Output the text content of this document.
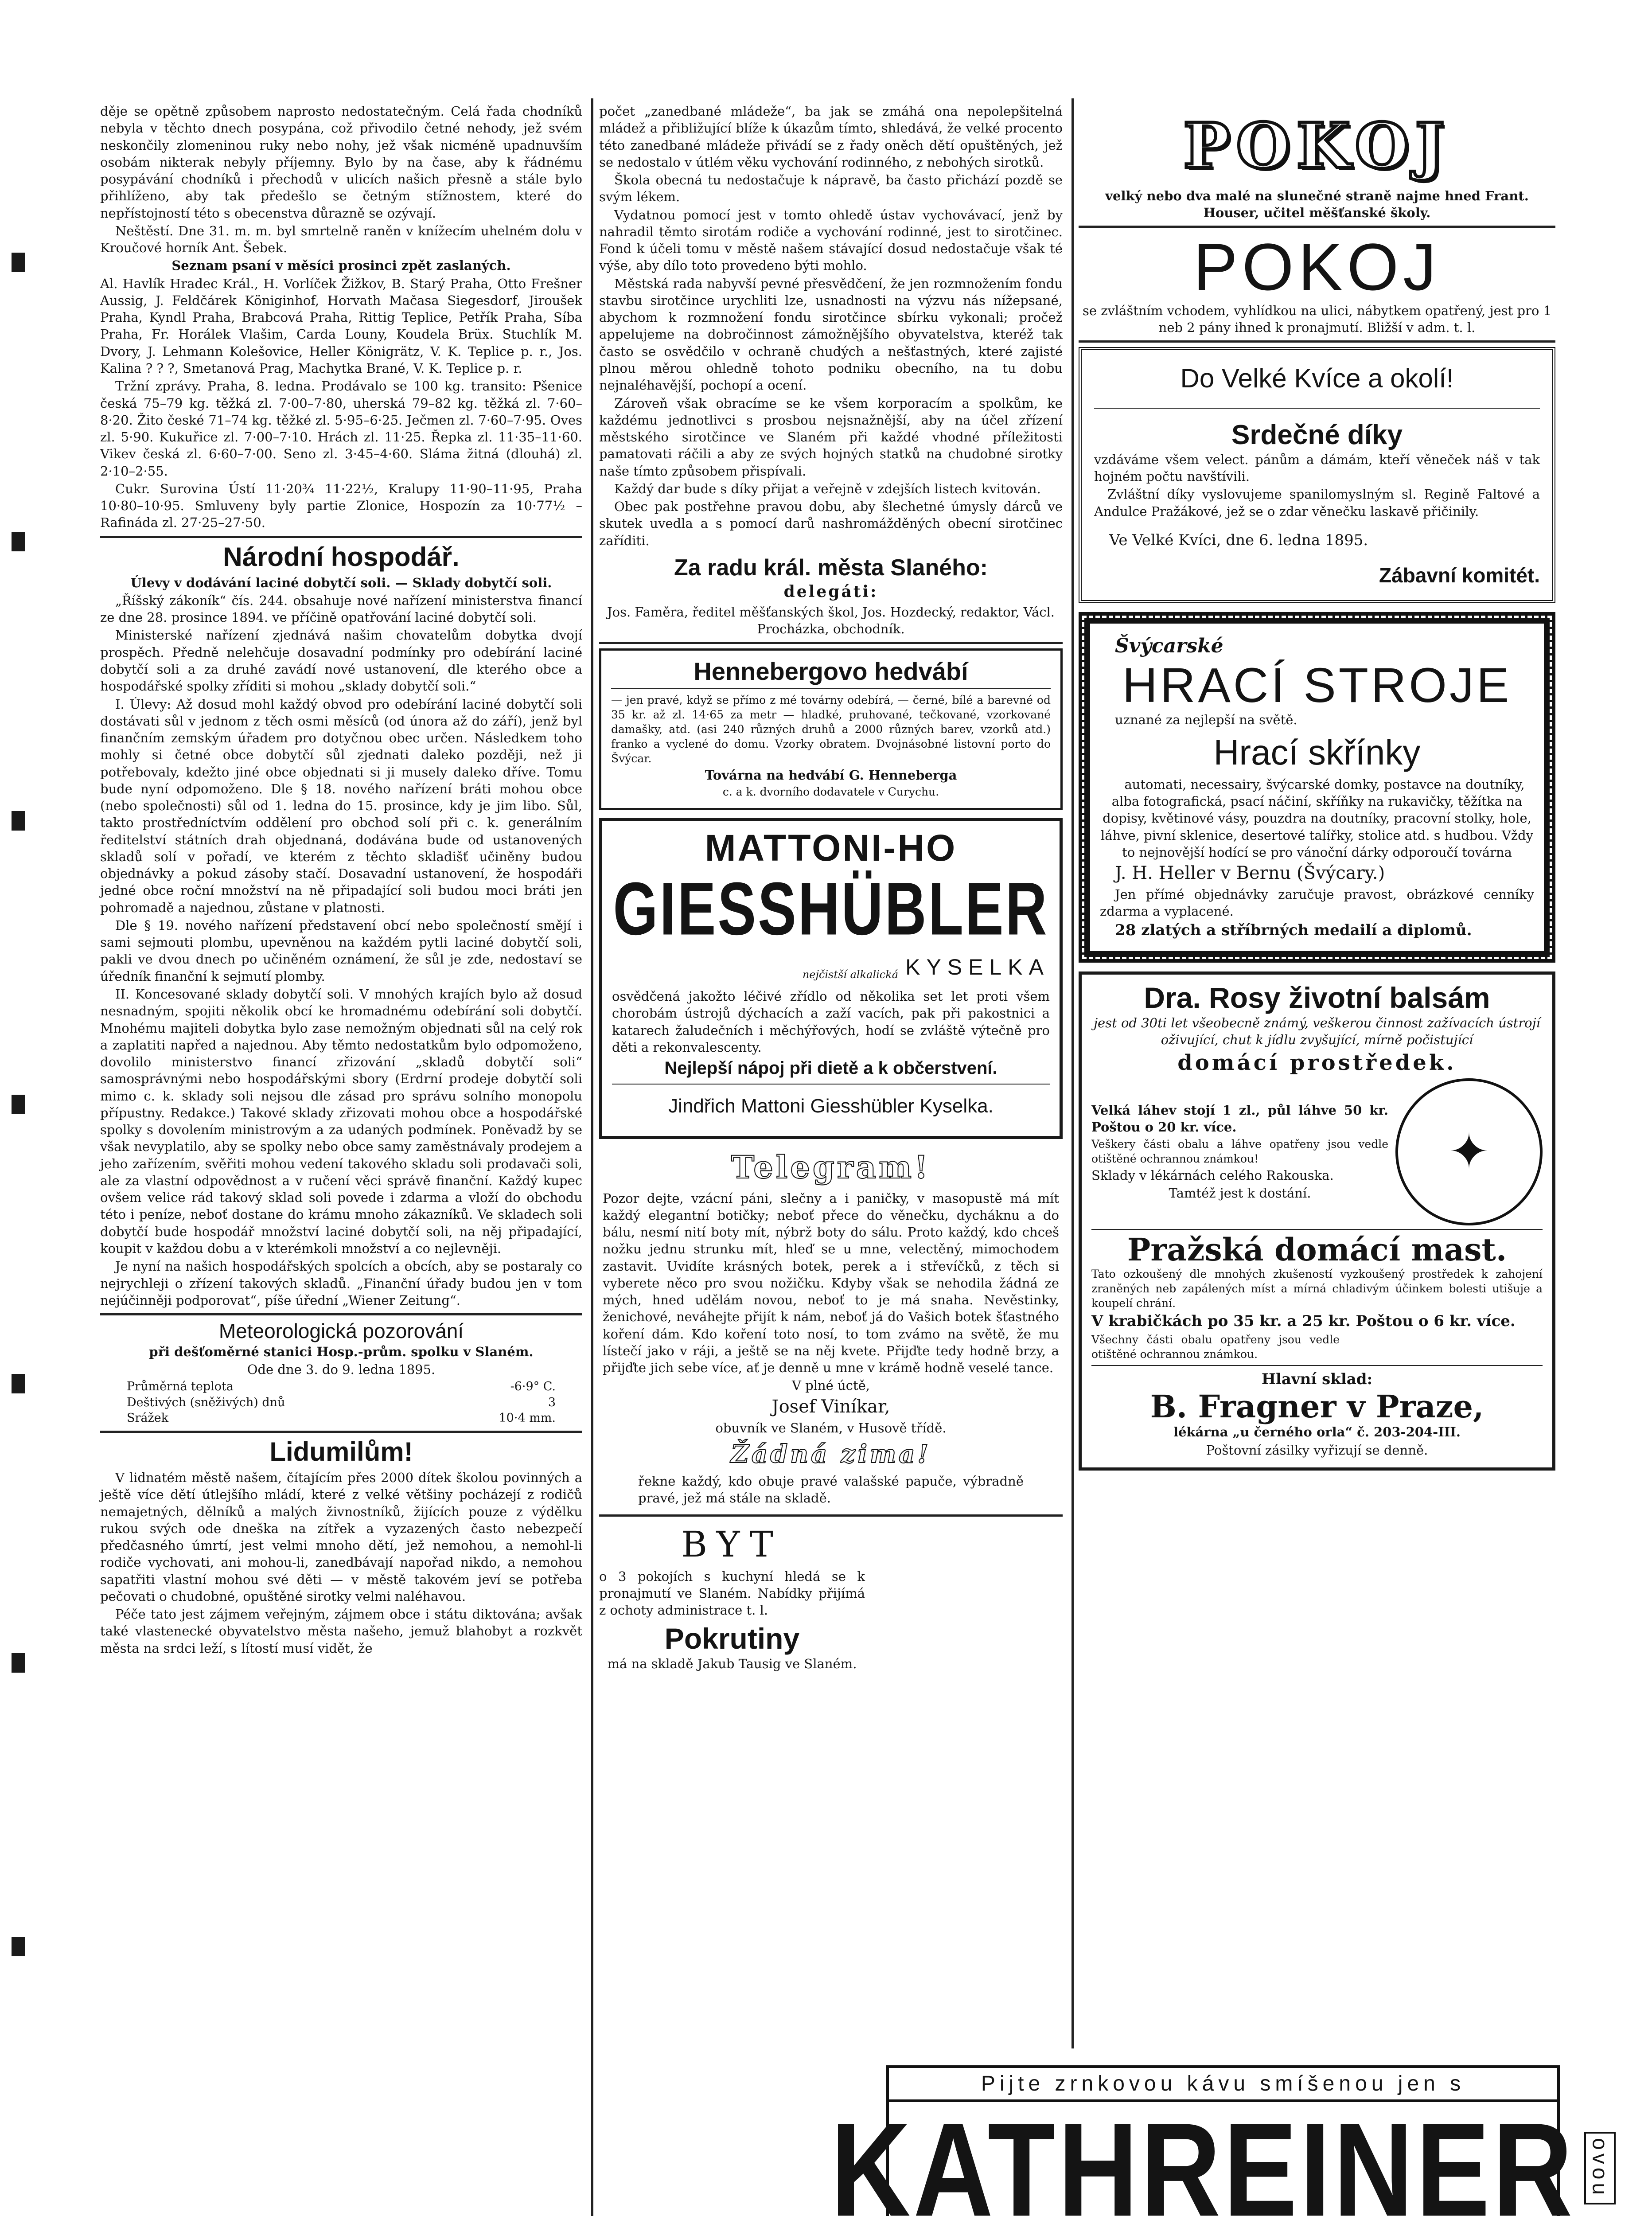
děje se opětně způsobem naprosto nedostatečným. Celá řada chodníků nebyla v těchto dnech posypána, což přivodilo četné nehody, jež svém neskončily zlomeninou ruky nebo nohy, jež však nicméně upadnuvším osobám nikterak nebyly příjemny. Bylo by na čase, aby k řádnému posypávání chodníků i přechodů v ulicích našich přesně a stále bylo přihlíženo, aby tak předešlo se četným stížnostem, které do nepřístojností této s obecenstva důrazně se ozývají.

Neštěstí. Dne 31. m. m. byl smrtelně raněn v knížecím uhelném dolu v Kroučové horník Ant. Šebek.

Seznam psaní v měsíci prosinci zpět zaslaných.

Al. Havlík Hradec Král., H. Vorlíček Žižkov, B. Starý Praha, Otto Frešner Aussig, J. Feldčárek Königinhof, Horvath Mačasa Siegesdorf, Jiroušek Praha, Kyndl Praha, Brabcová Praha, Rittig Teplice, Petřík Praha, Síba Praha, Fr. Horálek Vlašim, Carda Louny, Koudela Brüx. Stuchlík M. Dvory, J. Lehmann Kolešovice, Heller Königrätz, V. K. Teplice p. r., Jos. Kalina ? ? ?, Smetanová Prag, Machytka Brané, V. K. Teplice p. r.

Tržní zprávy. Praha, 8. ledna. Prodávalo se 100 kg. transito: Pšenice česká 75–79 kg. těžká zl. 7·00–7·80, uherská 79–82 kg. těžká zl. 7·60–8·20. Žito české 71–74 kg. těžké zl. 5·95–6·25. Ječmen zl. 7·60–7·95. Oves zl. 5·90. Kukuřice zl. 7·00–7·10. Hrách zl. 11·25. Řepka zl. 11·35–11·60. Vikev česká zl. 6·60–7·00. Seno zl. 3·45–4·60. Sláma žitná (dlouhá) zl. 2·10–2·55.

Cukr. Surovina Ústí 11·20¾ 11·22½, Kralupy 11·90–11·95, Praha 10·80–10·95. Smluveny byly partie Zlonice, Hospozín za 10·77½ – Rafináda zl. 27·25–27·50.

Národní hospodář.

Úlevy v dodávání laciné dobytčí soli. — Sklady dobytčí soli.

„Říšský zákoník“ čís. 244. obsahuje nové nařízení ministerstva financí ze dne 28. prosince 1894. ve příčině opatřování laciné dobytčí soli.

Ministerské nařízení zjednává našim chovatelům dobytka dvojí prospěch. Předně nelehčuje dosavadní podmínky pro odebírání laciné dobytčí soli a za druhé zavádí nové ustanovení, dle kterého obce a hospodářské spolky zříditi si mohou „sklady dobytčí soli.“

I. Úlevy: Až dosud mohl každý obvod pro odebírání laciné dobytčí soli dostávati sůl v jednom z těch osmi měsíců (od února až do září), jenž byl finančním zemským úřadem pro dotyčnou obec určen. Následkem toho mohly si četné obce dobytčí sůl zjednati daleko později, než ji potřebovaly, kdežto jiné obce objednati si ji musely daleko dříve. Tomu bude nyní odpomoženo. Dle § 18. nového nařízení bráti mohou obce (nebo společnosti) sůl od 1. ledna do 15. prosince, kdy je jim libo. Sůl, takto prostředníctvím oddělení pro obchod solí při c. k. generálním ředitelství státních drah objednaná, dodávána bude od ustanovených skladů solí v pořadí, ve kterém z těchto skladišť učiněny budou objednávky a pokud zásoby stačí. Dosavadní ustanovení, že hospodáři jedné obce roční množství na ně připadající soli budou moci bráti jen pohromadě a najednou, zůstane v platnosti.

Dle § 19. nového nařízení představení obcí nebo společností smějí i sami sejmouti plombu, upevněnou na každém pytli laciné dobytčí soli, pakli ve dvou dnech po učiněném oznámení, že sůl je zde, nedostaví se úředník finanční k sejmutí plomby.

II. Koncesované sklady dobytčí soli. V mnohých krajích bylo až dosud nesnadným, spojiti několik obcí ke hromadnému odebírání soli dobytčí. Mnohému majiteli dobytka bylo zase nemožným objednati sůl na celý rok a zaplatiti napřed a najednou. Aby těmto nedostatkům bylo odpomoženo, dovolilo ministerstvo financí zřizování „skladů dobytčí soli“ samosprávnými nebo hospodářskými sbory (Erdrní prodeje dobytčí soli mimo c. k. sklady soli nejsou dle zásad pro správu solního monopolu přípustny. Redakce.) Takové sklady zřizovati mohou obce a hospodářské spolky s dovolením ministrovým a za udaných podmínek. Poněvadž by se však nevyplatilo, aby se spolky nebo obce samy zaměstnávaly prodejem a jeho zařízením, svěřiti mohou vedení takového skladu soli prodavači soli, ale za vlastní odpovědnost a v ručení věci správě finanční. Každý kupec ovšem velice rád takový sklad soli povede i zdarma a vloží do obchodu této i peníze, neboť dostane do krámu mnoho zákazníků. Ve skladech soli dobytčí bude hospodář množství laciné dobytčí soli, na něj připadající, koupit v každou dobu a v kterémkoli množství a co nejlevněji.

Je nyní na našich hospodářských spolcích a obcích, aby se postaraly co nejrychleji o zřízení takových skladů. „Finanční úřady budou jen v tom nejúčinněji podporovat“, píše úřední „Wiener Zeitung“.

Meteorologická pozorování

při dešťoměrné stanici Hosp.-prům. spolku v Slaném.

Ode dne 3. do 9. ledna 1895.

Průměrná teplota	-6·9° C.
Deštivých (sněživých) dnů	3
Srážek	10·4 mm.
Lidumilům!

V lidnatém městě našem, čítajícím přes 2000 dítek školou povinných a ještě více dětí útlejšího mládí, které z velké většiny pocházejí z rodičů nemajetných, dělníků a malých živnostníků, žijících pouze z výdělku rukou svých ode dneška na zítřek a vyzazených často nebezpečí předčasného úmrtí, jest velmi mnoho dětí, jež nemohou, a nemohl-li rodiče vychovati, ani mohou-li, zanedbávají napořad nikdo, a nemohou sapatřiti vlastní mohou své děti — v městě takovém jeví se potřeba pečovati o chudobné, opuštěné sirotky velmi naléhavou.

Péče tato jest zájmem veřejným, zájmem obce i státu diktována; avšak také vlastenecké obyvatelstvo města našeho, jemuž blahobyt a rozkvět města na srdci leží, s lítostí musí vidět, že

počet „zanedbané mládeže“, ba jak se zmáhá ona nepolepšitelná mládež a přibližující blíže k úkazům tímto, shledává, že velké procento této zanedbané mládeže přivádí se z řady oněch dětí opuštěných, jež se nedostalo v útlém věku vychování rodinného, z nebohých sirotků.

Škola obecná tu nedostačuje k nápravě, ba často přichází pozdě se svým lékem.

Vydatnou pomocí jest v tomto ohledě ústav vychovávací, jenž by nahradil těmto sirotám rodiče a vychování rodinné, jest to sirotčinec. Fond k účeli tomu v městě našem stávající dosud nedostačuje však té výše, aby dílo toto provedeno býti mohlo.

Městská rada nabyvší pevné přesvědčení, že jen rozmnožením fondu stavbu sirotčince urychliti lze, usnadnosti na výzvu nás nížepsané, abychom k rozmnožení fondu sirotčince sbírku vykonali; pročež appelujeme na dobročinnost zámožnějšího obyvatelstva, kteréž tak často se osvědčilo v ochraně chudých a nešťastných, které zajisté plnou měrou ohledně tohoto podniku obecního, na tu dobu nejnaléhavější, pochopí a ocení.

Zároveň však obracíme se ke všem korporacím a spolkům, ke každému jednotlivci s prosbou nejsnažnější, aby na účel zřízení městského sirotčince ve Slaném při každé vhodné příležitosti pamatovati ráčili a aby ze svých hojných statků na chudobné sirotky naše tímto způsobem přispívali.

Každý dar bude s díky přijat a veřejně v zdejších listech kvitován.

Obec pak postřehne pravou dobu, aby šlechetné úmysly dárců ve skutek uvedla a s pomocí darů nashromážděných obecní sirotčinec zaříditi.

Za radu král. města Slaného:

delegáti:

Jos. Faměra, ředitel měšťanských škol, Jos. Hozdecký, redaktor, Václ. Procházka, obchodník.

Hennebergovo hedvábí

— jen pravé, když se přímo z mé továrny odebírá, — černé, bílé a barevné od 35 kr. až zl. 14·65 za metr — hladké, pruhované, tečkované, vzorkované damašky, atd. (asi 240 různých druhů a 2000 různých barev, vzorků atd.) franko a vyclené do domu. Vzorky obratem. Dvojnásobné listovní porto do Švýcar.

Továrna na hedvábí G. Henneberga

c. a k. dvorního dodavatele v Curychu.

MATTONI-HO
GIESSHÜBLER
nejčistší alkalická KYSELKA

osvědčená jakožto léčivé zřídlo od několika set let proti všem chorobám ústrojů dýchacích a zaží vacích, pak při pakostnici a katarech žaludečních i měchýřových, hodí se zvláště výtečně pro děti a rekonvalescenty.

Nejlepší nápoj při dietě a k občerstvení.

Jindřich Mattoni Giesshübler Kyselka.

Telegram!

Pozor dejte, vzácní páni, slečny a i paničky, v masopustě má mít každý elegantní botičky; neboť přece do věnečku, dycháknu a do bálu, nesmí nití boty mít, nýbrž boty do sálu. Proto každý, kdo chceš nožku jednu strunku mít, hleď se u mne, velectěný, mimochodem zastavit. Uvidíte krásných botek, perek a i střevíčků, z těch si vyberete něco pro svou nožičku. Kdyby však se nehodila žádná ze mých, hned udělám novou, neboť to je má snaha. Nevěstinky, ženichové, neváhejte přijít k nám, neboť já do Vašich botek šťastného koření dám. Kdo koření toto nosí, to tom zvámo na světě, že mu lístečí jako v ráji, a ještě se na něj kvete. Přijďte tedy hodně brzy, a přijďte jich sebe více, ať je denně u mne v krámě hodně veselé tance.

V plné úctě,

Josef Viníkar,

obuvník ve Slaném, v Husově třídě.

Žádná zima!

řekne každý, kdo obuje pravé valašské papuče, výbradně pravé, jež má stále na skladě.

BYT

o 3 pokojích s kuchyní hledá se k pronajmutí ve Slaném. Nabídky přijímá z ochoty administrace t. l.

Pokrutiny

má na skladě Jakub Tausig ve Slaném.

POKOJ

velký nebo dva malé na slunečné straně najme hned Frant. Houser, učitel měšťanské školy.

POKOJ

se zvláštním vchodem, vyhlídkou na ulici, nábytkem opatřený, jest pro 1 neb 2 pány ihned k pronajmutí. Bližší v adm. t. l.

Do Velké Kvíce a okolí!
Srdečné díky

vzdáváme všem velect. pánům a dámám, kteří věneček náš v tak hojném počtu navštívili.

Zvláštní díky vyslovujeme spanilomyslným sl. Regině Faltové a Andulce Pražákové, jež se o zdar věnečku laskavě přičinily.

Ve Velké Kvíci, dne 6. ledna 1895.

Zábavní komitét.

Švýcarské

HRACÍ STROJE

uznané za nejlepší na světě.

Hrací skřínky

automati, necessairy, švýcarské domky, postavce na doutníky, alba fotografická, psací náčiní, skříňky na rukavičky, těžítka na dopisy, květinové vásy, pouzdra na doutníky, pracovní stolky, hole, láhve, pivní sklenice, desertové talířky, stolice atd. s hudbou. Vždy to nejnovější hodící se pro vánoční dárky odporoučí továrna

J. H. Heller v Bernu (Švýcary.)

Jen přímé objednávky zaručuje pravost, obrázkové cenníky zdarma a vyplacené.

28 zlatých a stříbrných medailí a diplomů.

Dra. Rosy životní balsám

jest od 30ti let všeobecně známý, veškerou činnost zažívacích ústrojí oživující, chut k jídlu zvyšující, mírně počistující

domácí prostředek.

Velká láhev stojí 1 zl., půl láhve 50 kr. Poštou o 20 kr. více.

Veškery části obalu a láhve opatřeny jsou vedle otištěné ochrannou známkou!

Sklady v lékárnách celého Rakouska.

Tamtéž jest k dostání.

✦
Pražská domácí mast.

Tato ozkoušený dle mnohých zkušeností vyzkoušený prostředek k zahojení zraněných neb zapálených míst a mírná chladivým účinkem bolesti utišuje a koupelí chrání.

V krabičkách po 35 kr. a 25 kr. Poštou o 6 kr. více.

Všechny části obalu opatřeny jsou vedle otištěné ochrannou známkou.

Hlavní sklad:

B. Fragner v Praze,

lékárna „u černého orla“ č. 203-204-III.

Poštovní zásilky vyřizují se denně.

Pijte zrnkovou kávu smíšenou jen s
KATHREINER ovou
